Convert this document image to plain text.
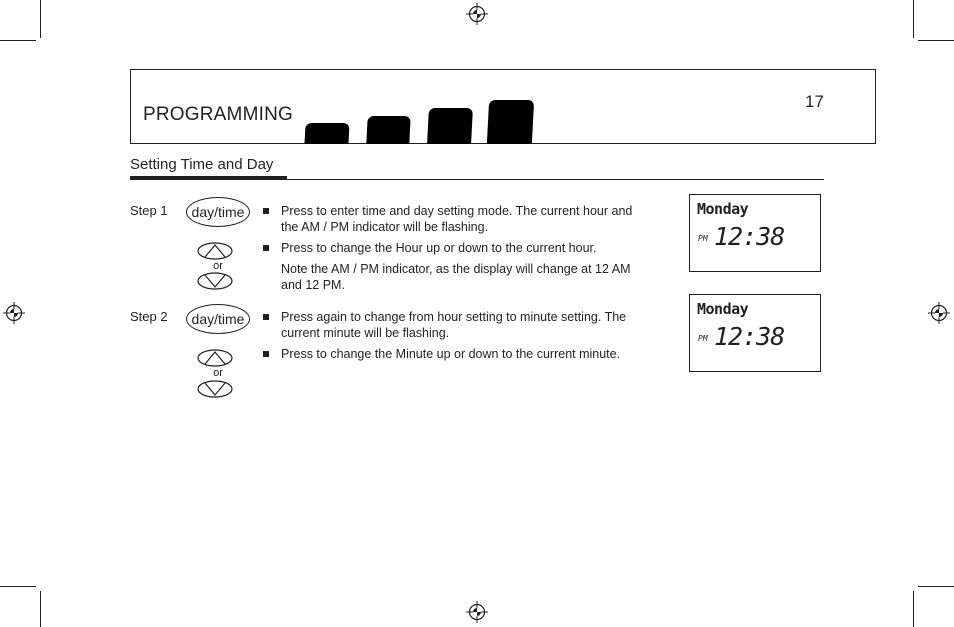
PROGRAMMING
17
Setting Time and Day
Step 1	day/time
or
Press to enter time and day setting mode. The current hour and the AM / PM indicator will be flashing.
Press to change the Hour up or down to the current hour.
Note the AM / PM indicator, as the display will change at 12 AM and 12 PM.
Monday
PM 12:38
Step 2	day/time
or
Press again to change from hour setting to minute setting. The current minute will be flashing.
Press to change the Minute up or down to the current minute.
Monday
PM 12:38
